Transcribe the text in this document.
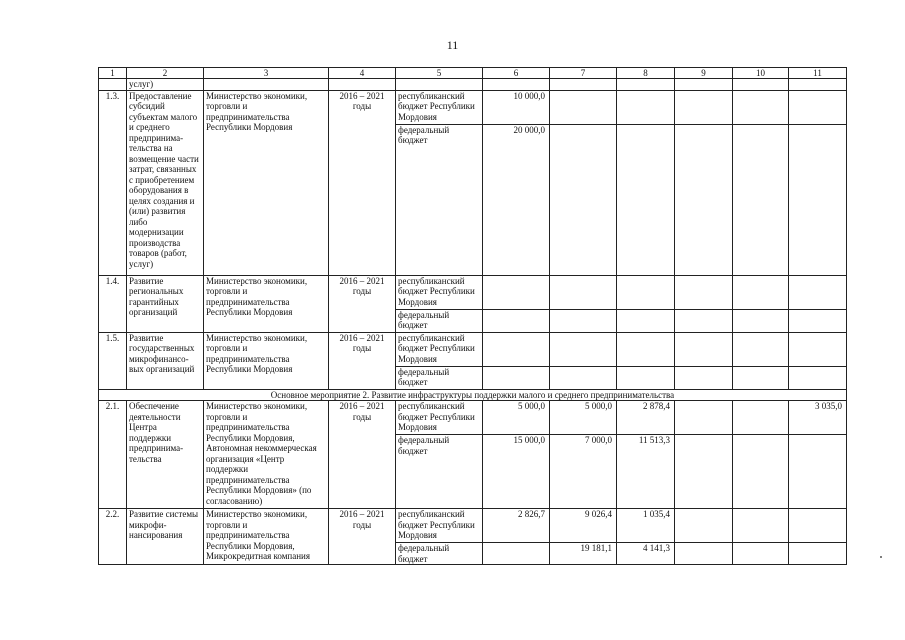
11
1	2	3	4	5	6	7	8	9	10	11
	услуг)									
1.3.	Предоставление субсидий субъектам малого и среднего предпринима-тельства на возмещение части затрат, связанных с приобретением оборудования в целях создания и (или) развития либо модернизации производства товаров (работ, услуг)	Министерство экономики, торговли и предпринимательства Республики Мордовия	2016 – 2021 годы	республиканский бюджет Республики Мордовия	10 000,0					
				федеральный бюджет	20 000,0					
1.4.	Развитие региональных гарантийных организаций	Министерство экономики, торговли и предпринимательства Республики Мордовия	2016 – 2021 годы	республиканский бюджет Республики Мордовия						
				федеральный бюджет						
1.5.	Развитие государственных микрофинансо-вых организаций	Министерство экономики, торговли и предпринимательства Республики Мордовия	2016 – 2021 годы	республиканский бюджет Республики Мордовия						
				федеральный бюджет						
Основное мероприятие 2. Развитие инфраструктуры поддержки малого и среднего предпринимательства										
2.1.	Обеспечение деятельности Центра поддержки предпринима-тельства	Министерство экономики, торговли и предпринимательства Республики Мордовия, Автономная некоммерческая организация «Центр поддержки предпринимательства Республики Мордовия» (по согласованию)	2016 – 2021 годы	республиканский бюджет Республики Мордовия	5 000,0	5 000,0	2 878,4			3 035,0
				федеральный бюджет	15 000,0	7 000,0	11 513,3			
2.2.	Развитие системы микрофи-нансирования	Министерство экономики, торговли и предпринимательства Республики Мордовия, Микрокредитная компания	2016 – 2021 годы	республиканский бюджет Республики Мордовия	2 826,7	9 026,4	1 035,4			
				федеральный бюджет		19 181,1	4 141,3			
